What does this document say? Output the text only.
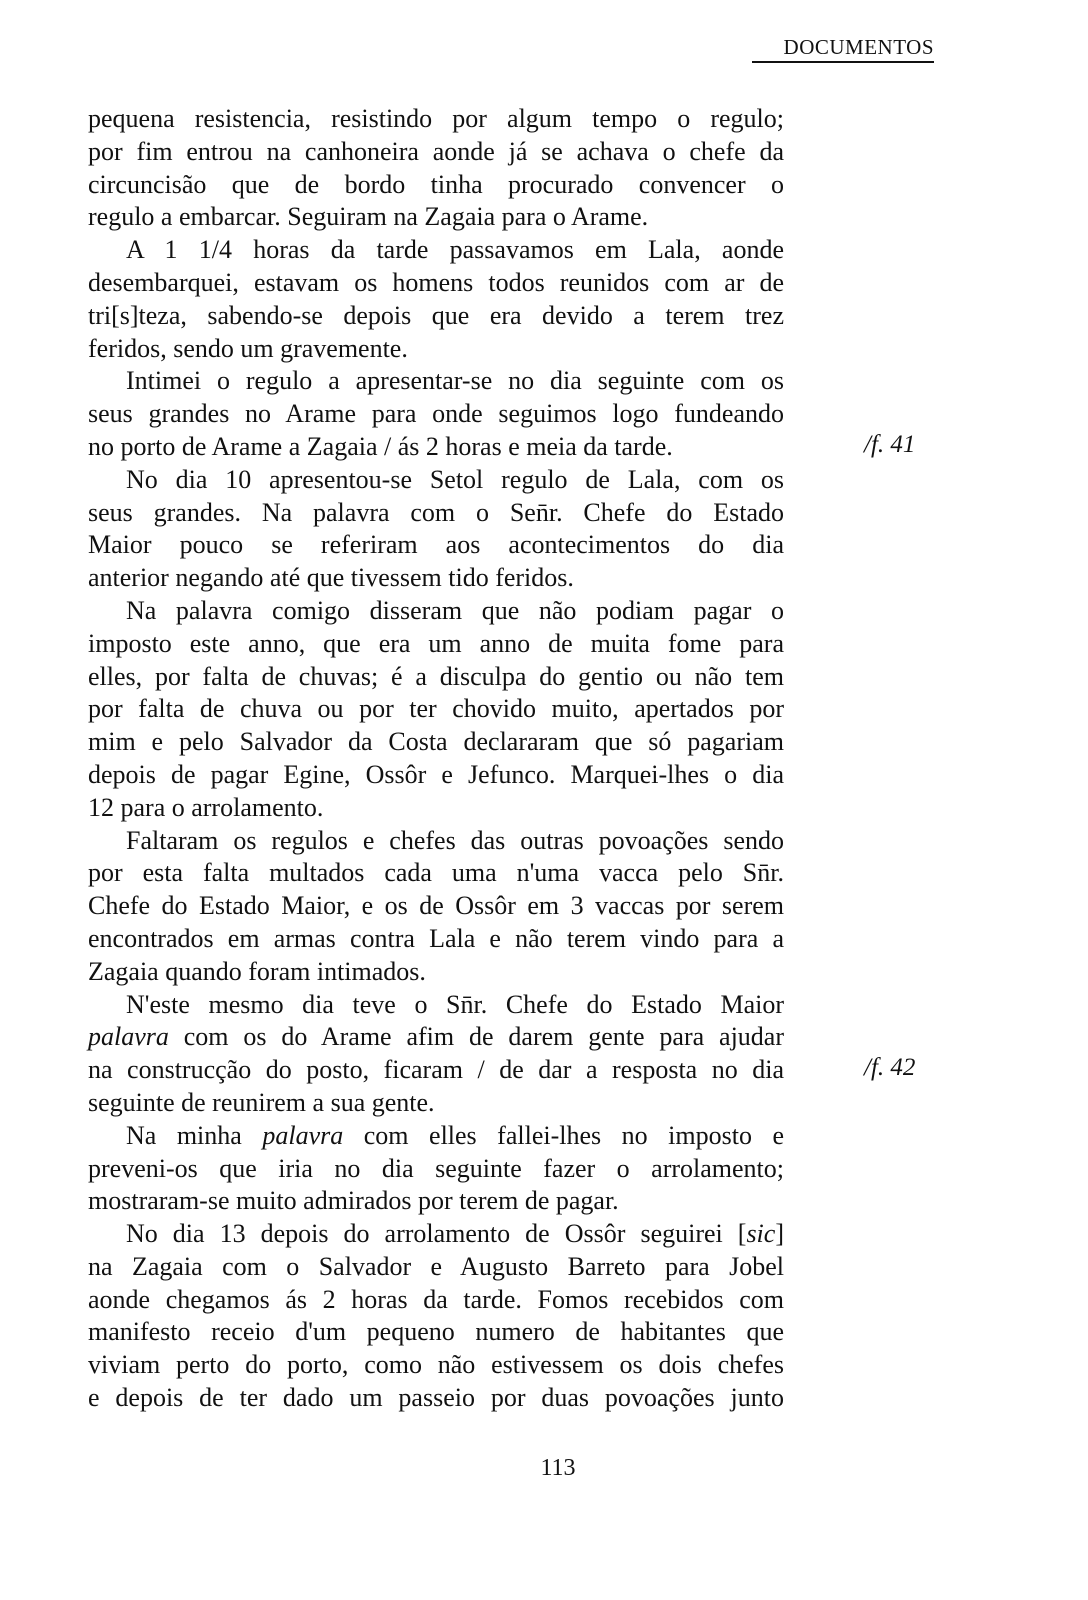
DOCUMENTOS
pequena resistencia, resistindo por algum tempo o regulo;
por fim entrou na canhoneira aonde já se achava o chefe da
circuncisão que de bordo tinha procurado convencer o
regulo a embarcar. Seguiram na Zagaia para o Arame.
A 1 1/4 horas da tarde passavamos em Lala, aonde
desembarquei, estavam os homens todos reunidos com ar de
tri[s]teza, sabendo-se depois que era devido a terem trez
feridos, sendo um gravemente.
Intimei o regulo a apresentar-se no dia seguinte com os
seus grandes no Arame para onde seguimos logo fundeando
no porto de Arame a Zagaia / ás 2 horas e meia da tarde.
No dia 10 apresentou-se Setol regulo de Lala, com os
seus grandes. Na palavra com o Sen̄r. Chefe do Estado
Maior pouco se referiram aos acontecimentos do dia
anterior negando até que tivessem tido feridos.
Na palavra comigo disseram que não podiam pagar o
imposto este anno, que era um anno de muita fome para
elles, por falta de chuvas; é a disculpa do gentio ou não tem
por falta de chuva ou por ter chovido muito, apertados por
mim e pelo Salvador da Costa declararam que só pagariam
depois de pagar Egine, Ossôr e Jefunco. Marquei-lhes o dia
12 para o arrolamento.
Faltaram os regulos e chefes das outras povoações sendo
por esta falta multados cada uma n'uma vacca pelo Sn̄r.
Chefe do Estado Maior, e os de Ossôr em 3 vaccas por serem
encontrados em armas contra Lala e não terem vindo para a
Zagaia quando foram intimados.
N'este mesmo dia teve o Sn̄r. Chefe do Estado Maior
palavra com os do Arame afim de darem gente para ajudar
na construcção do posto, ficaram / de dar a resposta no dia
seguinte de reunirem a sua gente.
Na minha palavra com elles fallei-lhes no imposto e
preveni-os que iria no dia seguinte fazer o arrolamento;
mostraram-se muito admirados por terem de pagar.
No dia 13 depois do arrolamento de Ossôr seguirei [sic]
na Zagaia com o Salvador e Augusto Barreto para Jobel
aonde chegamos ás 2 horas da tarde. Fomos recebidos com
manifesto receio d'um pequeno numero de habitantes que
viviam perto do porto, como não estivessem os dois chefes
e depois de ter dado um passeio por duas povoações junto
/f. 41
/f. 42
113
